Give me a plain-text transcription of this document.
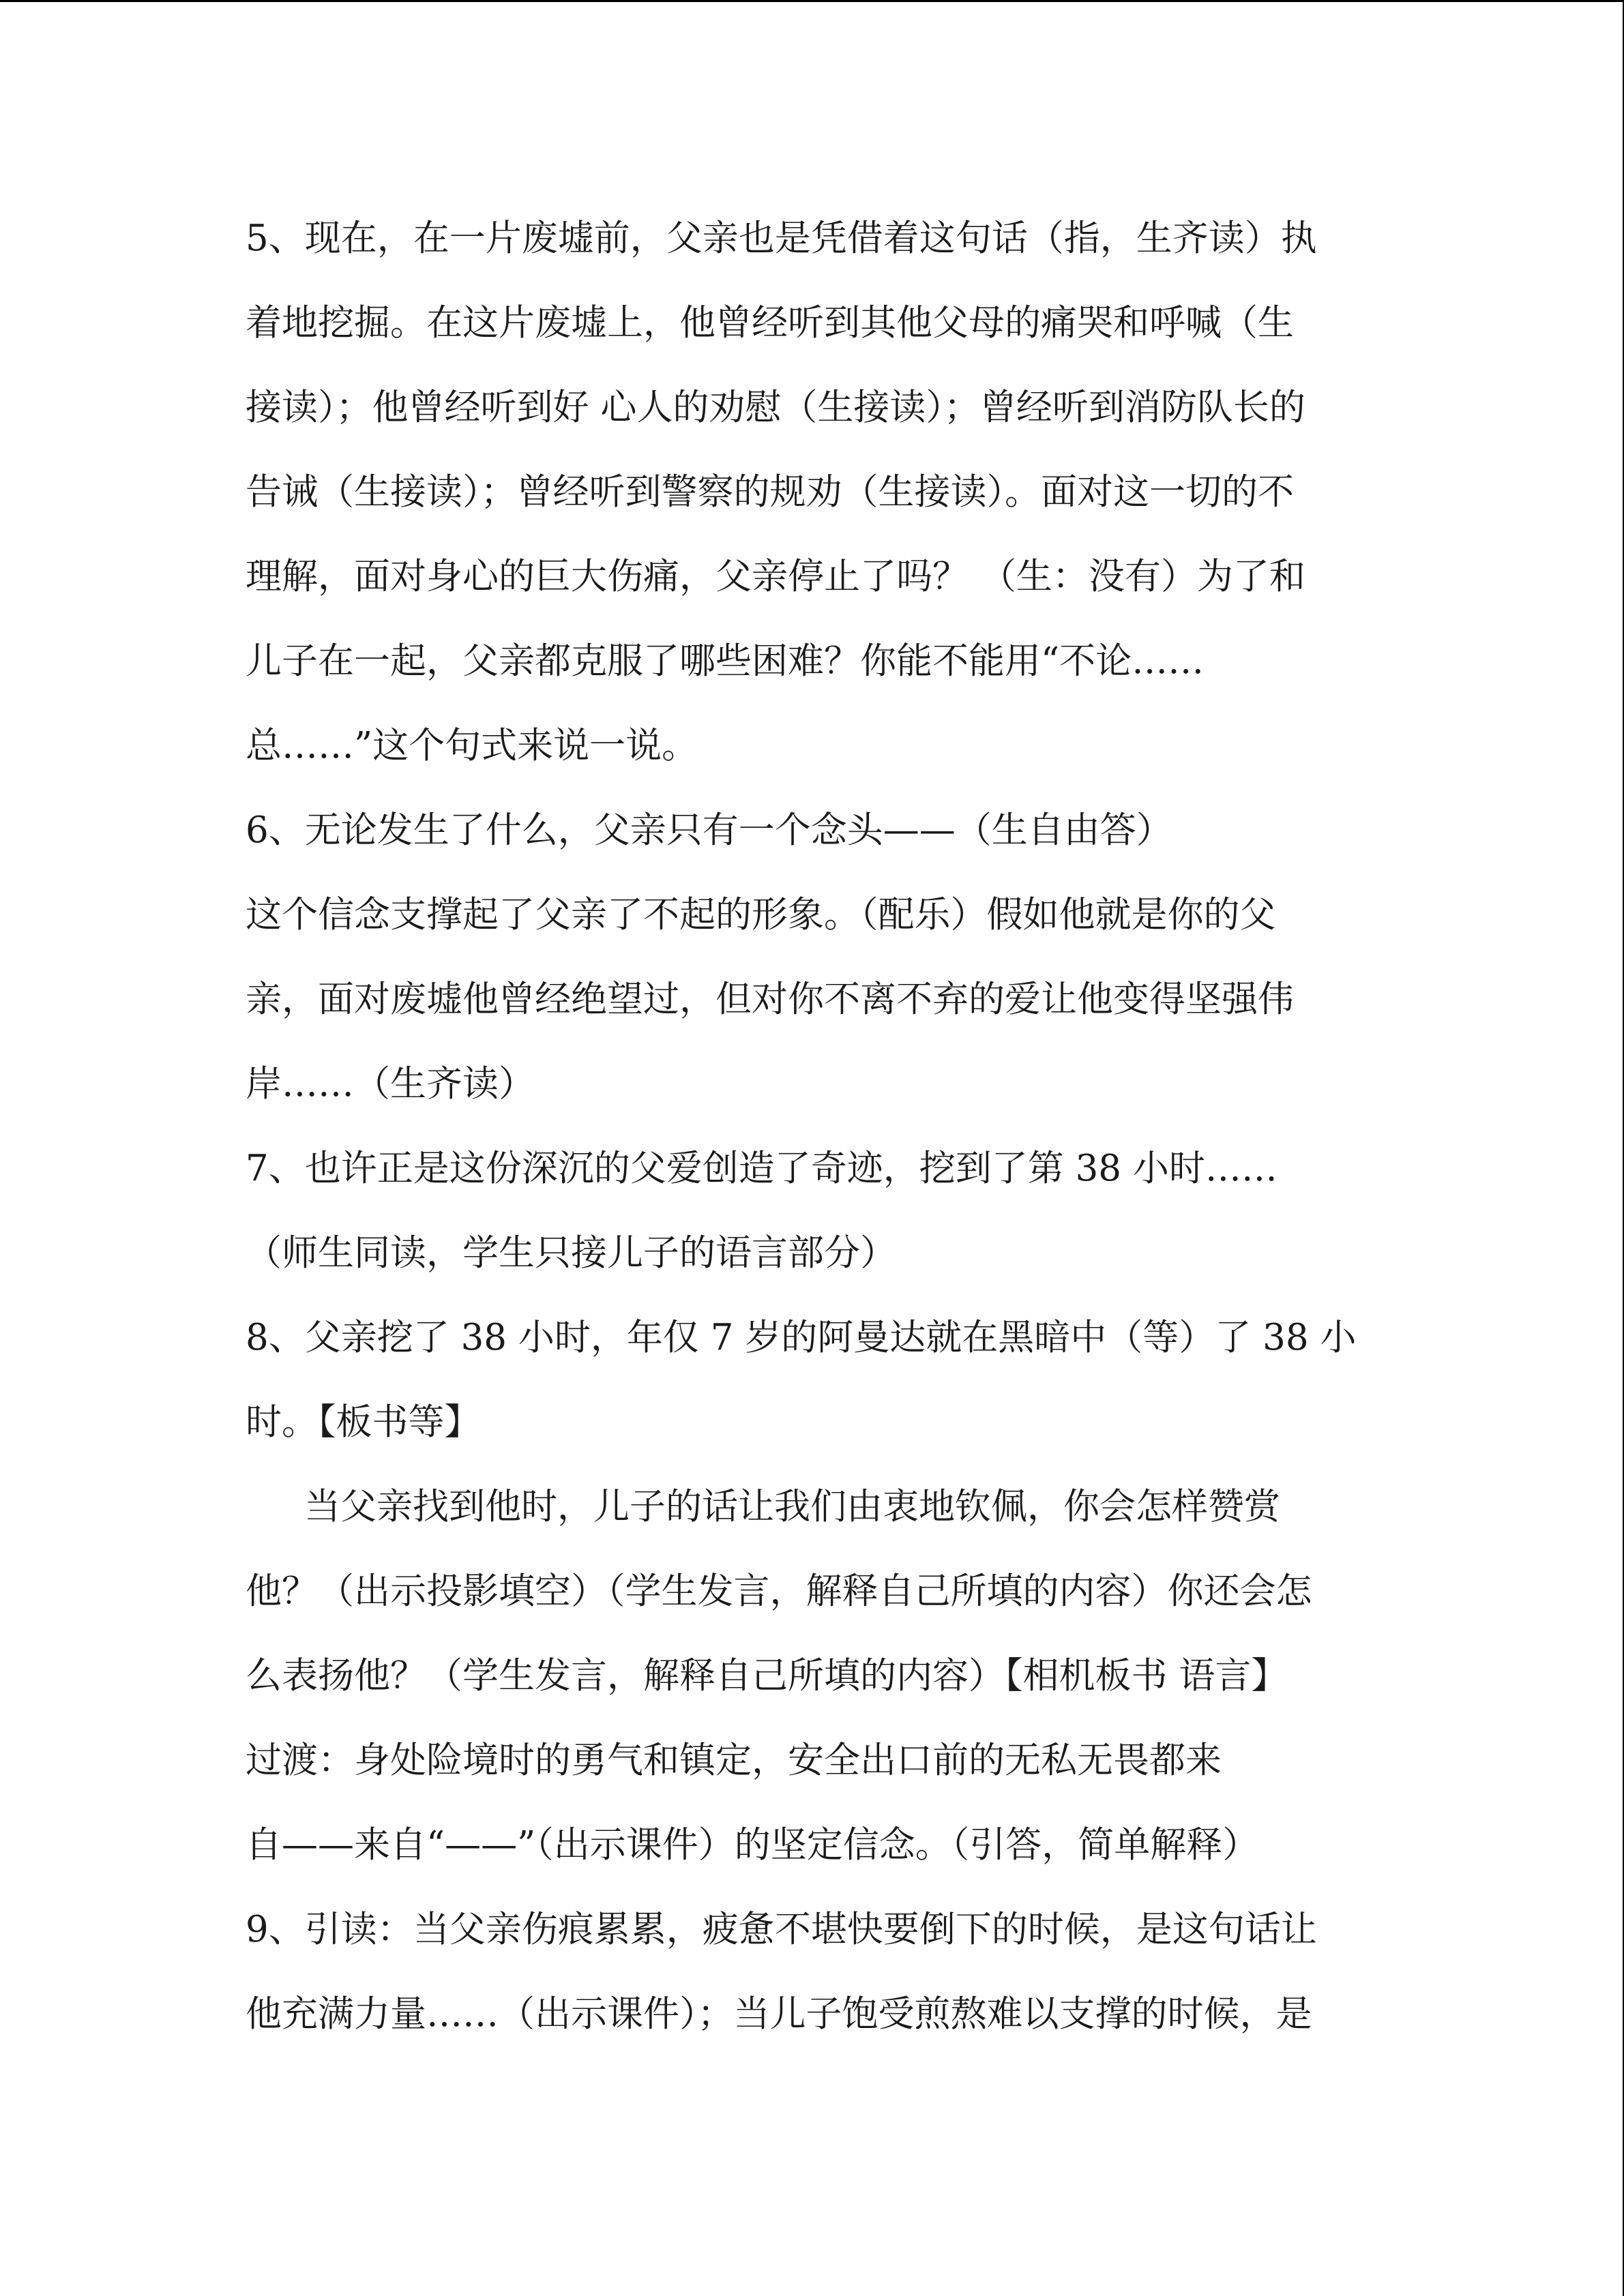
5、现在，在一片废墟前，父亲也是凭借着这句话（指，生齐读）执
着地挖掘。在这片废墟上，他曾经听到其他父母的痛哭和呼喊（生
接读）；他曾经听到好 心人的劝慰（生接读）；曾经听到消防队长的
告诫（生接读）；曾经听到警察的规劝（生接读）。面对这一切的不
理解，面对身心的巨大伤痛，父亲停止了吗？ （生：没有）为了和
儿子在一起，父亲都克服了哪些困难？你能不能用“不论……
总……”这个句式来说一说。
6、无论发生了什么，父亲只有一个念头——（生自由答）
这个信念支撑起了父亲了不起的形象。（配乐）假如他就是你的父
亲，面对废墟他曾经绝望过，但对你不离不弃的爱让他变得坚强伟
岸……（生齐读）
7、也许正是这份深沉的父爱创造了奇迹，挖到了第 38 小时……
（师生同读，学生只接儿子的语言部分）
8、父亲挖了 38 小时，年仅 7 岁的阿曼达就在黑暗中（等）了 38 小
时。【板书等】
当父亲找到他时，儿子的话让我们由衷地钦佩，你会怎样赞赏
他？（出示投影填空）（学生发言，解释自己所填的内容）你还会怎
么表扬他？（学生发言，解释自己所填的内容）【相机板书 语言】
过渡：身处险境时的勇气和镇定，安全出口前的无私无畏都来
自——来自“——”（出示课件）的坚定信念。（引答，简单解释）
9、引读：当父亲伤痕累累，疲惫不堪快要倒下的时候，是这句话让
他充满力量……（出示课件）；当儿子饱受煎熬难以支撑的时候，是
